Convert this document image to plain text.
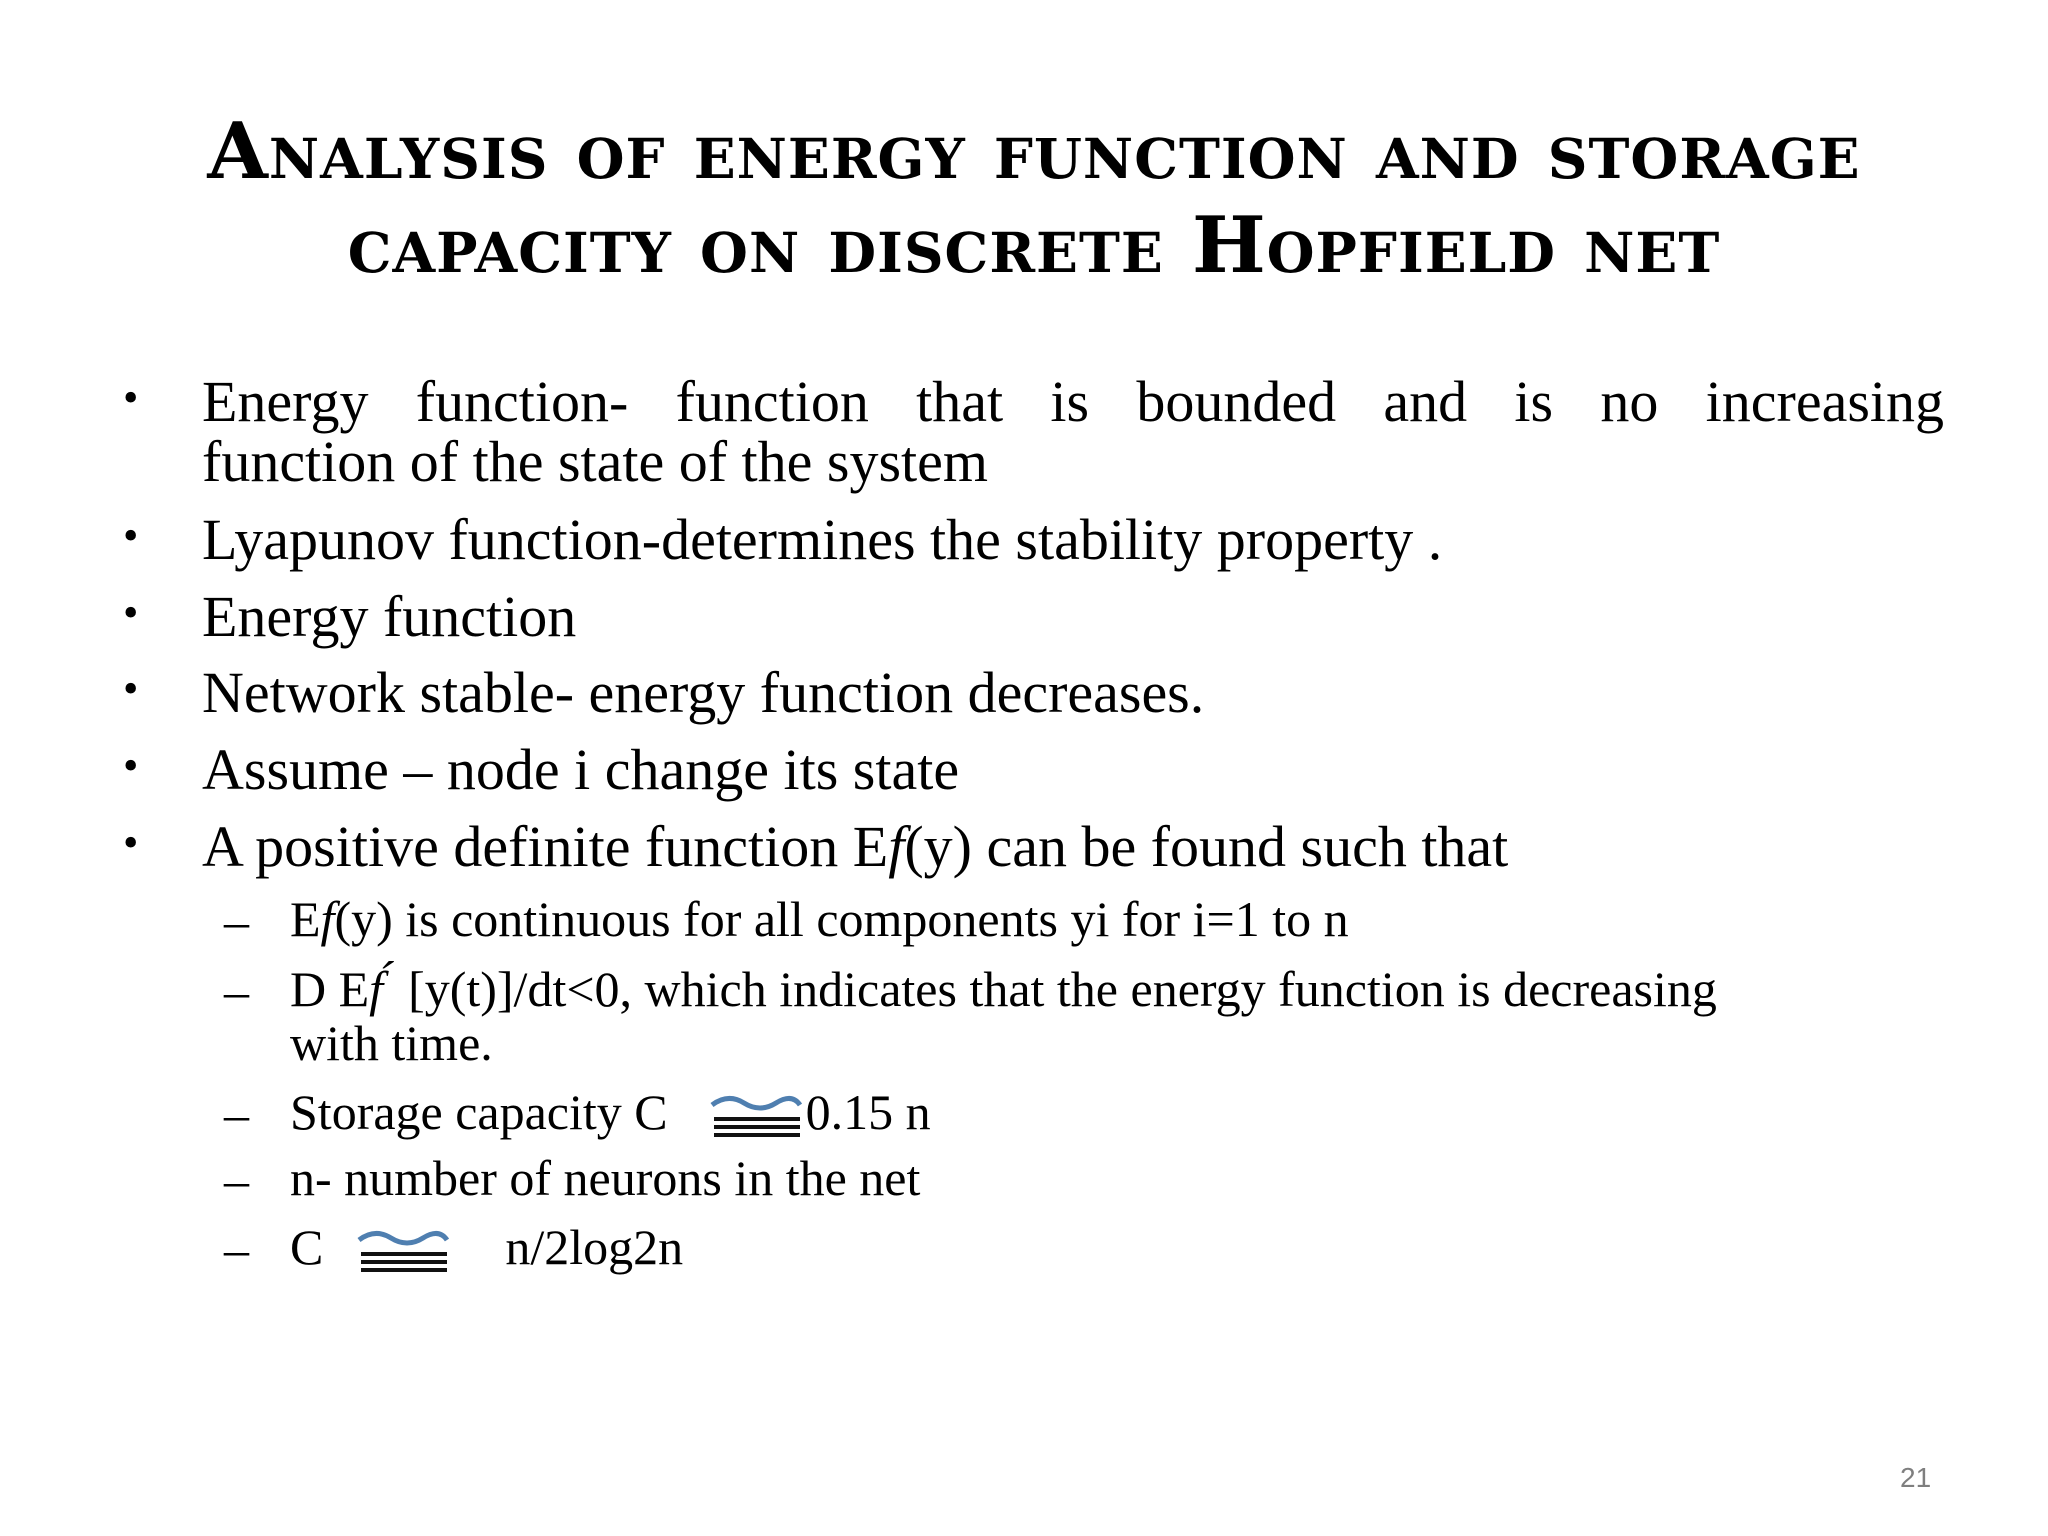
Analysis of energy function and storage
capacity on discrete Hopfield net
• Energy function- function that is bounded and is no increasing
function of the state of the system
• Lyapunov function-determines the stability property .
• Energy function
• Network stable- energy function decreases.
• Assume – node i change its state
• A positive definite function Ef(y) can be found such that
– Ef(y) is continuous for all components yi for i=1 to n
– D Ef́  [y(t)]/dt<0, which indicates that the energy function is decreasing
with time.
– Storage capacity C	0.15 n
– n- number of neurons in the net
– C	n/2log2n
21
